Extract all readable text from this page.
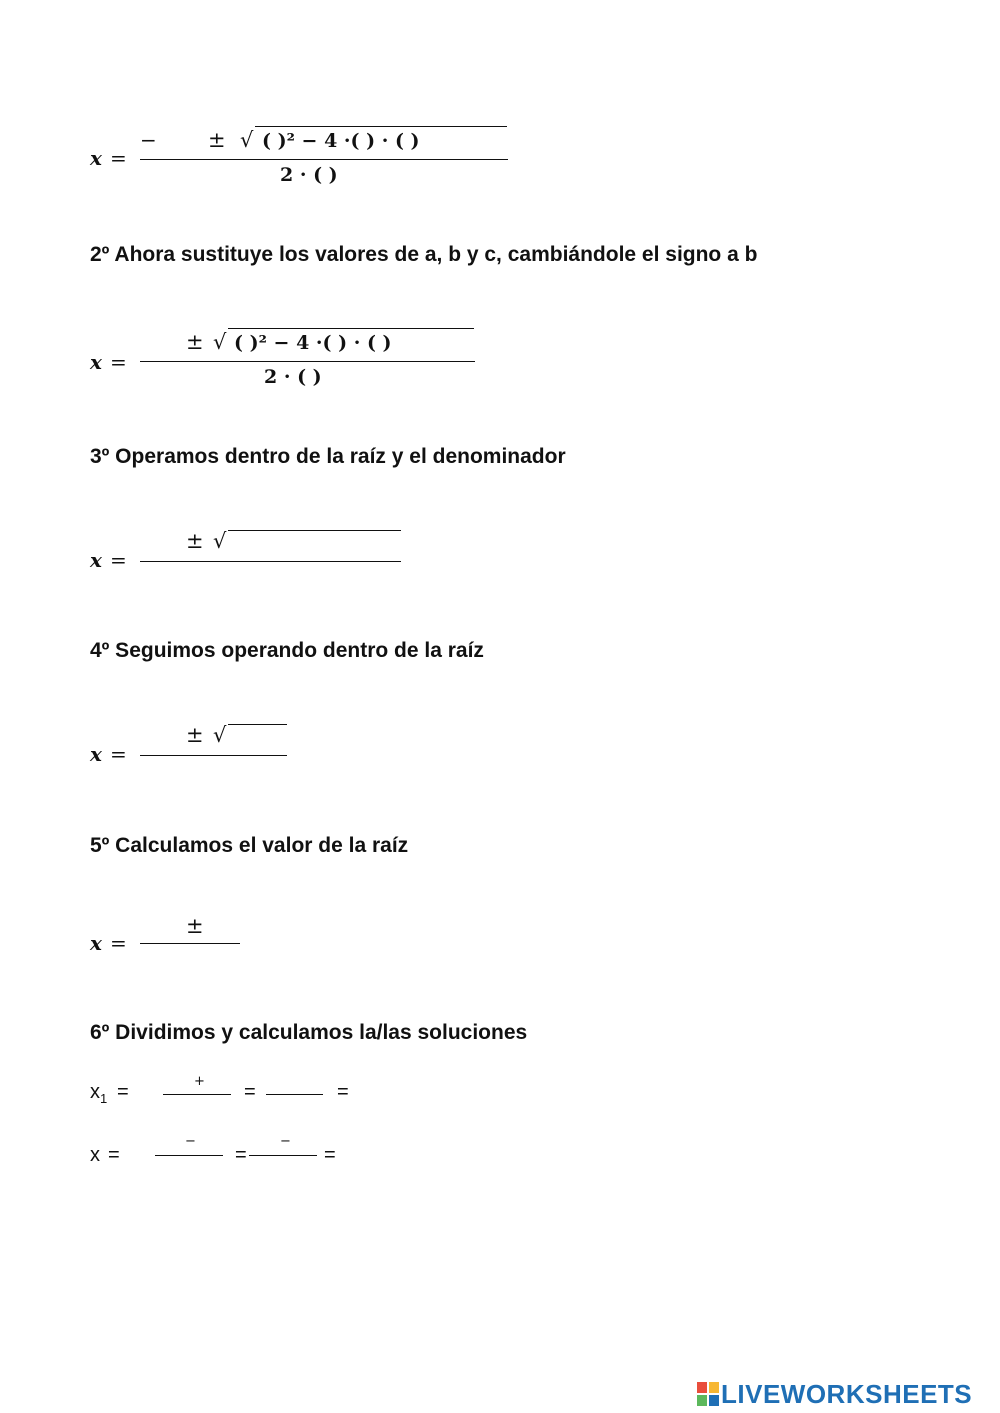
x =
− ± √ ( )² − 𝟒 ·( ) · ( )
𝟐 · ( )
2º Ahora sustituye los valores de a, b y c, cambiándole el signo a b
x =
± √ ( )² − 𝟒 ·( ) · ( )
𝟐 · ( )
3º Operamos dentro de la raíz y el denominador
x =
± √
4º Seguimos operando dentro de la raíz
x =
± √
5º Calculamos el valor de la raíz
x =
±
6º Dividimos y calculamos la/las soluciones
$x_1$ =	+ =	=
x =
−
=
−
=
LIVEWORKSHEETS
